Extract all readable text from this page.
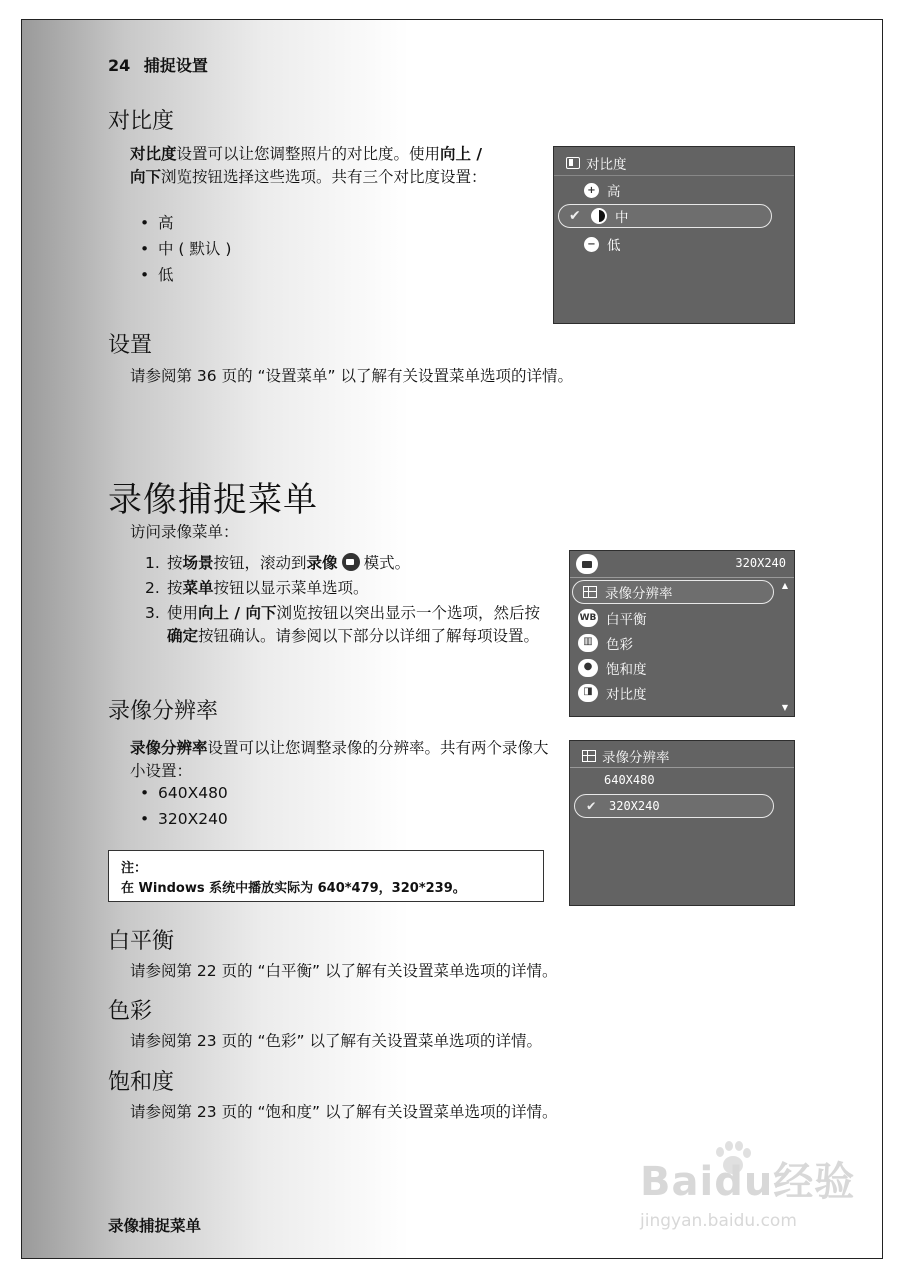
24 捕捉设置
对比度
对比度设置可以让您调整照片的对比度。使用向上 /
向下浏览按钮选择这些选项。共有三个对比度设置：
• 高
• 中 ( 默认 )
• 低
对比度
+ 高
✔	中
− 低
设置
请参阅第 36 页的 “设置菜单” 以了解有关设置菜单选项的详情。
录像捕捉菜单
访问录像菜单：
1. 按场景按钮，滚动到录像 模式。
2. 按菜单按钮以显示菜单选项。
3. 使用向上 / 向下浏览按钮以突出显示一个选项，然后按确定按钮确认。请参阅以下部分以详细了解每项设置。
320X240
录像分辨率
WB 白平衡
▥ 色彩
●	饱和度
◨ 对比度
▲
▼
录像分辨率
录像分辨率设置可以让您调整录像的分辨率。共有两个录像大小设置：
• 640X480
• 320X240
录像分辨率
640X480
✔	320X240
注：
在 Windows 系统中播放实际为 640*479，320*239。
白平衡
请参阅第 22 页的 “白平衡” 以了解有关设置菜单选项的详情。
色彩
请参阅第 23 页的 “色彩” 以了解有关设置菜单选项的详情。
饱和度
请参阅第 23 页的 “饱和度” 以了解有关设置菜单选项的详情。
Baidu经验
jingyan.baidu.com
录像捕捉菜单
